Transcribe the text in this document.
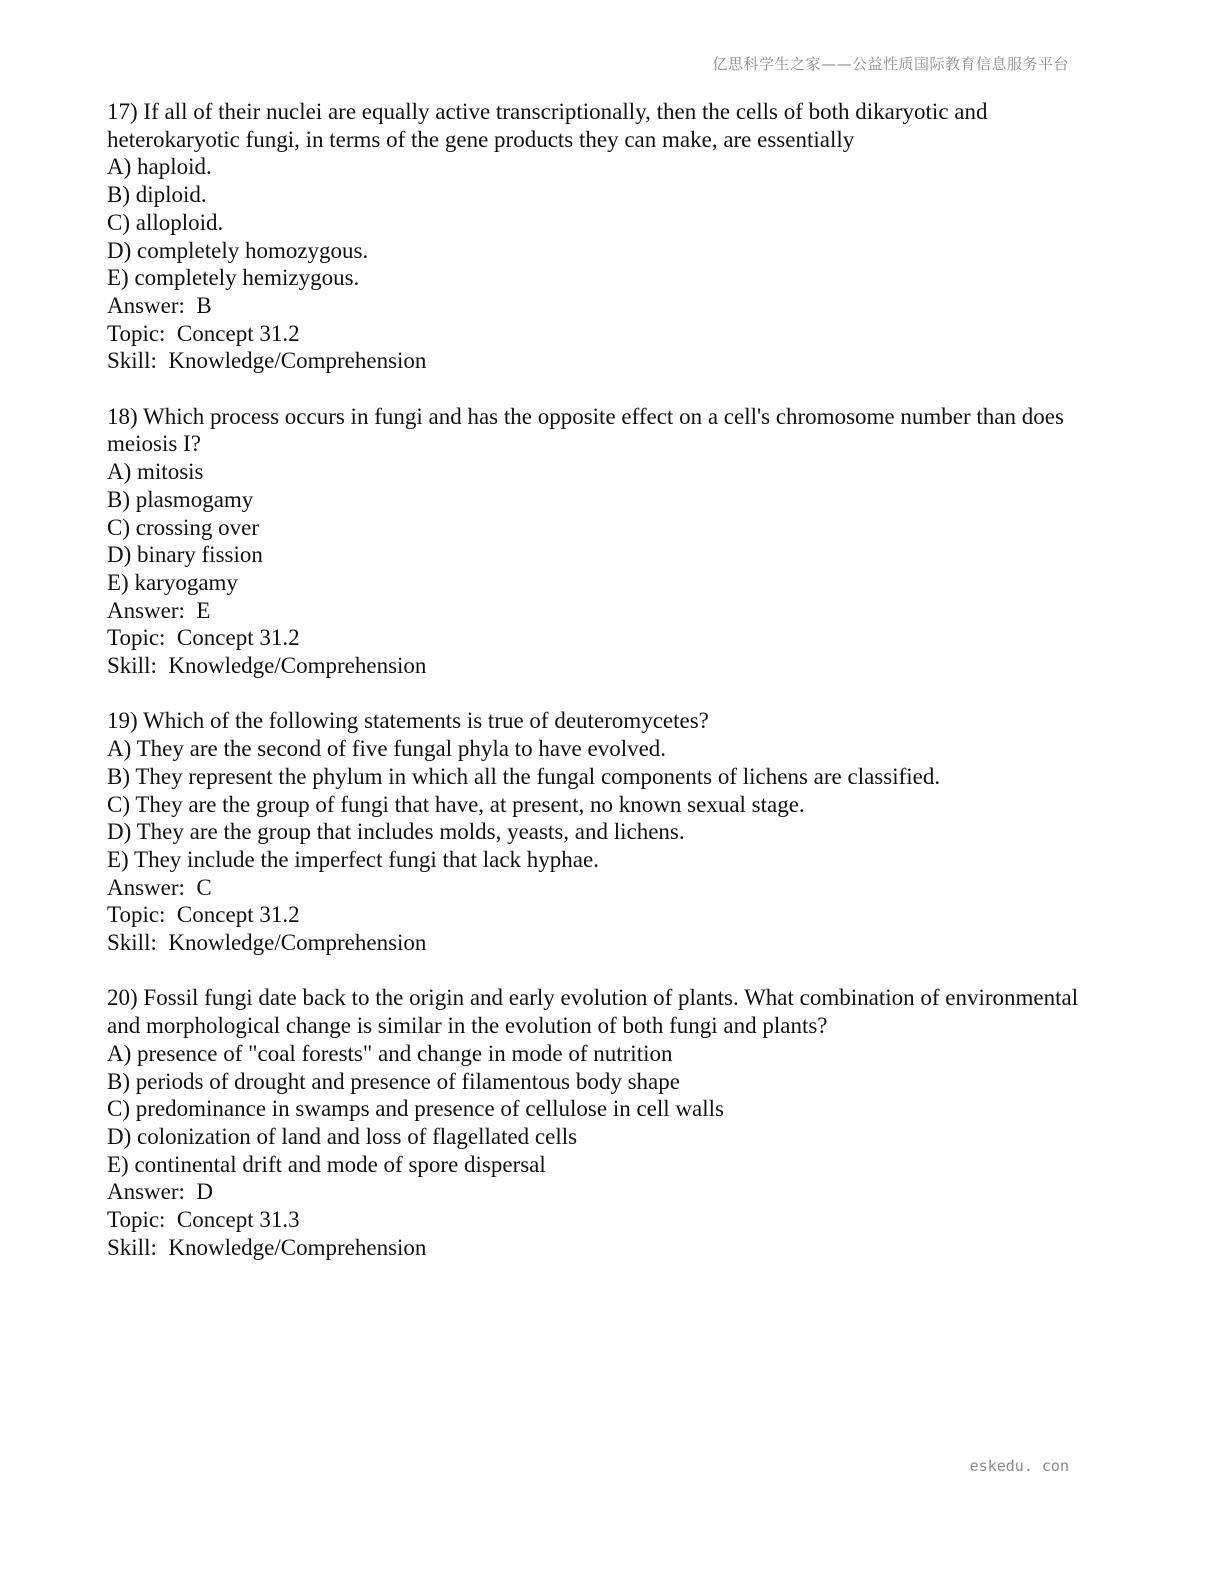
亿思科学生之家——公益性质国际教育信息服务平台
17) If all of their nuclei are equally active transcriptionally, then the cells of both dikaryotic and heterokaryotic fungi, in terms of the gene products they can make, are essentially
A) haploid.
B) diploid.
C) alloploid.
D) completely homozygous.
E) completely hemizygous.
Answer:  B
Topic:  Concept 31.2
Skill:  Knowledge/Comprehension
18) Which process occurs in fungi and has the opposite effect on a cell's chromosome number than does meiosis I?
A) mitosis
B) plasmogamy
C) crossing over
D) binary fission
E) karyogamy
Answer:  E
Topic:  Concept 31.2
Skill:  Knowledge/Comprehension
19) Which of the following statements is true of deuteromycetes?
A) They are the second of five fungal phyla to have evolved.
B) They represent the phylum in which all the fungal components of lichens are classified.
C) They are the group of fungi that have, at present, no known sexual stage.
D) They are the group that includes molds, yeasts, and lichens.
E) They include the imperfect fungi that lack hyphae.
Answer:  C
Topic:  Concept 31.2
Skill:  Knowledge/Comprehension
20) Fossil fungi date back to the origin and early evolution of plants. What combination of environmental and morphological change is similar in the evolution of both fungi and plants?
A) presence of "coal forests" and change in mode of nutrition
B) periods of drought and presence of filamentous body shape
C) predominance in swamps and presence of cellulose in cell walls
D) colonization of land and loss of flagellated cells
E) continental drift and mode of spore dispersal
Answer:  D
Topic:  Concept 31.3
Skill:  Knowledge/Comprehension
eskedu. con
